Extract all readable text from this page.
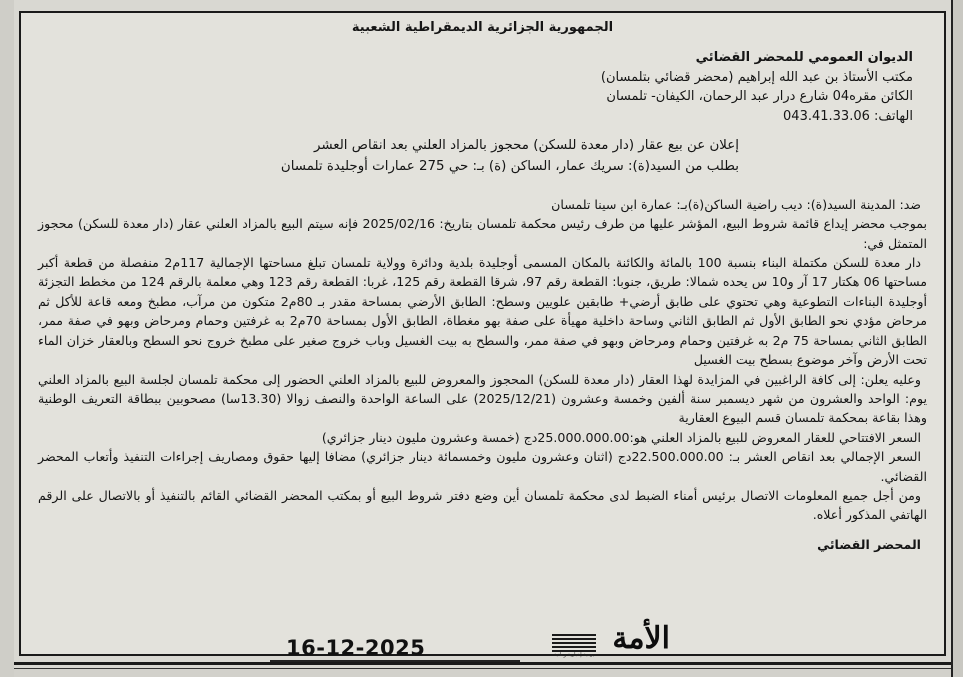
الجمهورية الجزائرية الديمقراطية الشعبية
الديوان العمومي للمحضر القضائي
مكتب الأستاذ بن عبد الله إبراهيم (محضر قضائي بتلمسان)
الكائن مقره04 شارع درار عبد الرحمان، الكيفان- تلمسان
الهاتف: 043.41.33.06
إعلان عن بيع عقار (دار معدة للسكن) محجوز بالمزاد العلني بعد انقاص العشر
بطلب من السيد(ة): سريك عمار، الساكن (ة) بـ: حي 275 عمارات أوجليدة تلمسان
ضد: المدينة السيد(ة): ديب راضية الساكن(ة)بـ: عمارة ابن سينا تلمسان

بموجب محضر إيداع قائمة شروط البيع، المؤشر عليها من طرف رئيس محكمة تلمسان بتاريخ: 2025/02/16 فإنه سيتم البيع بالمزاد العلني عقار (دار معدة للسكن) محجوز المتمثل في:

دار معدة للسكن مكتملة البناء بنسبة 100 بالمائة والكائنة بالمكان المسمى أوجليدة بلدية ودائرة وولاية تلمسان تبلغ مساحتها الإجمالية 117م2 منفصلة من قطعة أكبر مساحتها 06 هكتار 17 آر و10 س يحده شمالا: طريق، جنوبا: القطعة رقم 97، شرقا القطعة رقم 125، غربا: القطعة رقم 123 وهي معلمة بالرقم 124 من مخطط التجزئة أوجليدة البناءات التطوعية وهي تحتوي على طابق أرضي+ طابقين علويين وسطح: الطابق الأرضي بمساحة مقدر بـ 80م2 متكون من مرآب، مطبخ ومعه قاعة للأكل ثم مرحاض مؤدي نحو الطابق الأول ثم الطابق الثاني وساحة داخلية مهيأة على صفة بهو مغطاة، الطابق الأول بمساحة 70م2 به غرفتين وحمام ومرحاض وبهو في صفة ممر، الطابق الثاني بمساحة 75 م2 به غرفتين وحمام ومرحاض وبهو في صفة ممر، والسطح به بيت الغسيل وباب خروج صغير على مطبخ خروج نحو السطح وبالعقار خزان الماء تحت الأرض وآخر موضوع بسطح بيت الغسيل

وعليه يعلن: إلى كافة الراغبين في المزايدة لهذا العقار (دار معدة للسكن) المحجوز والمعروض للبيع بالمزاد العلني الحضور إلى محكمة تلمسان لجلسة البيع بالمزاد العلني يوم: الواحد والعشرون من شهر ديسمبر سنة ألفين وخمسة وعشرون (2025/12/21) على الساعة الواحدة والنصف زوالا (13.30سا) مصحوبين ببطاقة التعريف الوطنية وهذا بقاعة بمحكمة تلمسان قسم البيوع العقارية

السعر الافتتاحي للعقار المعروض للبيع بالمزاد العلني هو:25.000.000.00دج (خمسة وعشرون مليون دينار جزائري)

السعر الإجمالي بعد انقاص العشر بـ: 22.500.000.00دج (اثنان وعشرون مليون وخمسمائة دينار جزائري) مضافا إليها حقوق ومصاريف إجراءات التنفيذ وأتعاب المحضر القضائي.

ومن أجل جميع المعلومات الاتصال برئيس أمناء الضبط لدى محكمة تلمسان أين وضع دفتر شروط البيع أو بمكتب المحضر القضائي القائم بالتنفيذ أو بالاتصال على الرقم الهاتفي المذكور أعلاه.

المحضر القضائي
16-12-2025	الأمة
يومية إخبارية وطنية
